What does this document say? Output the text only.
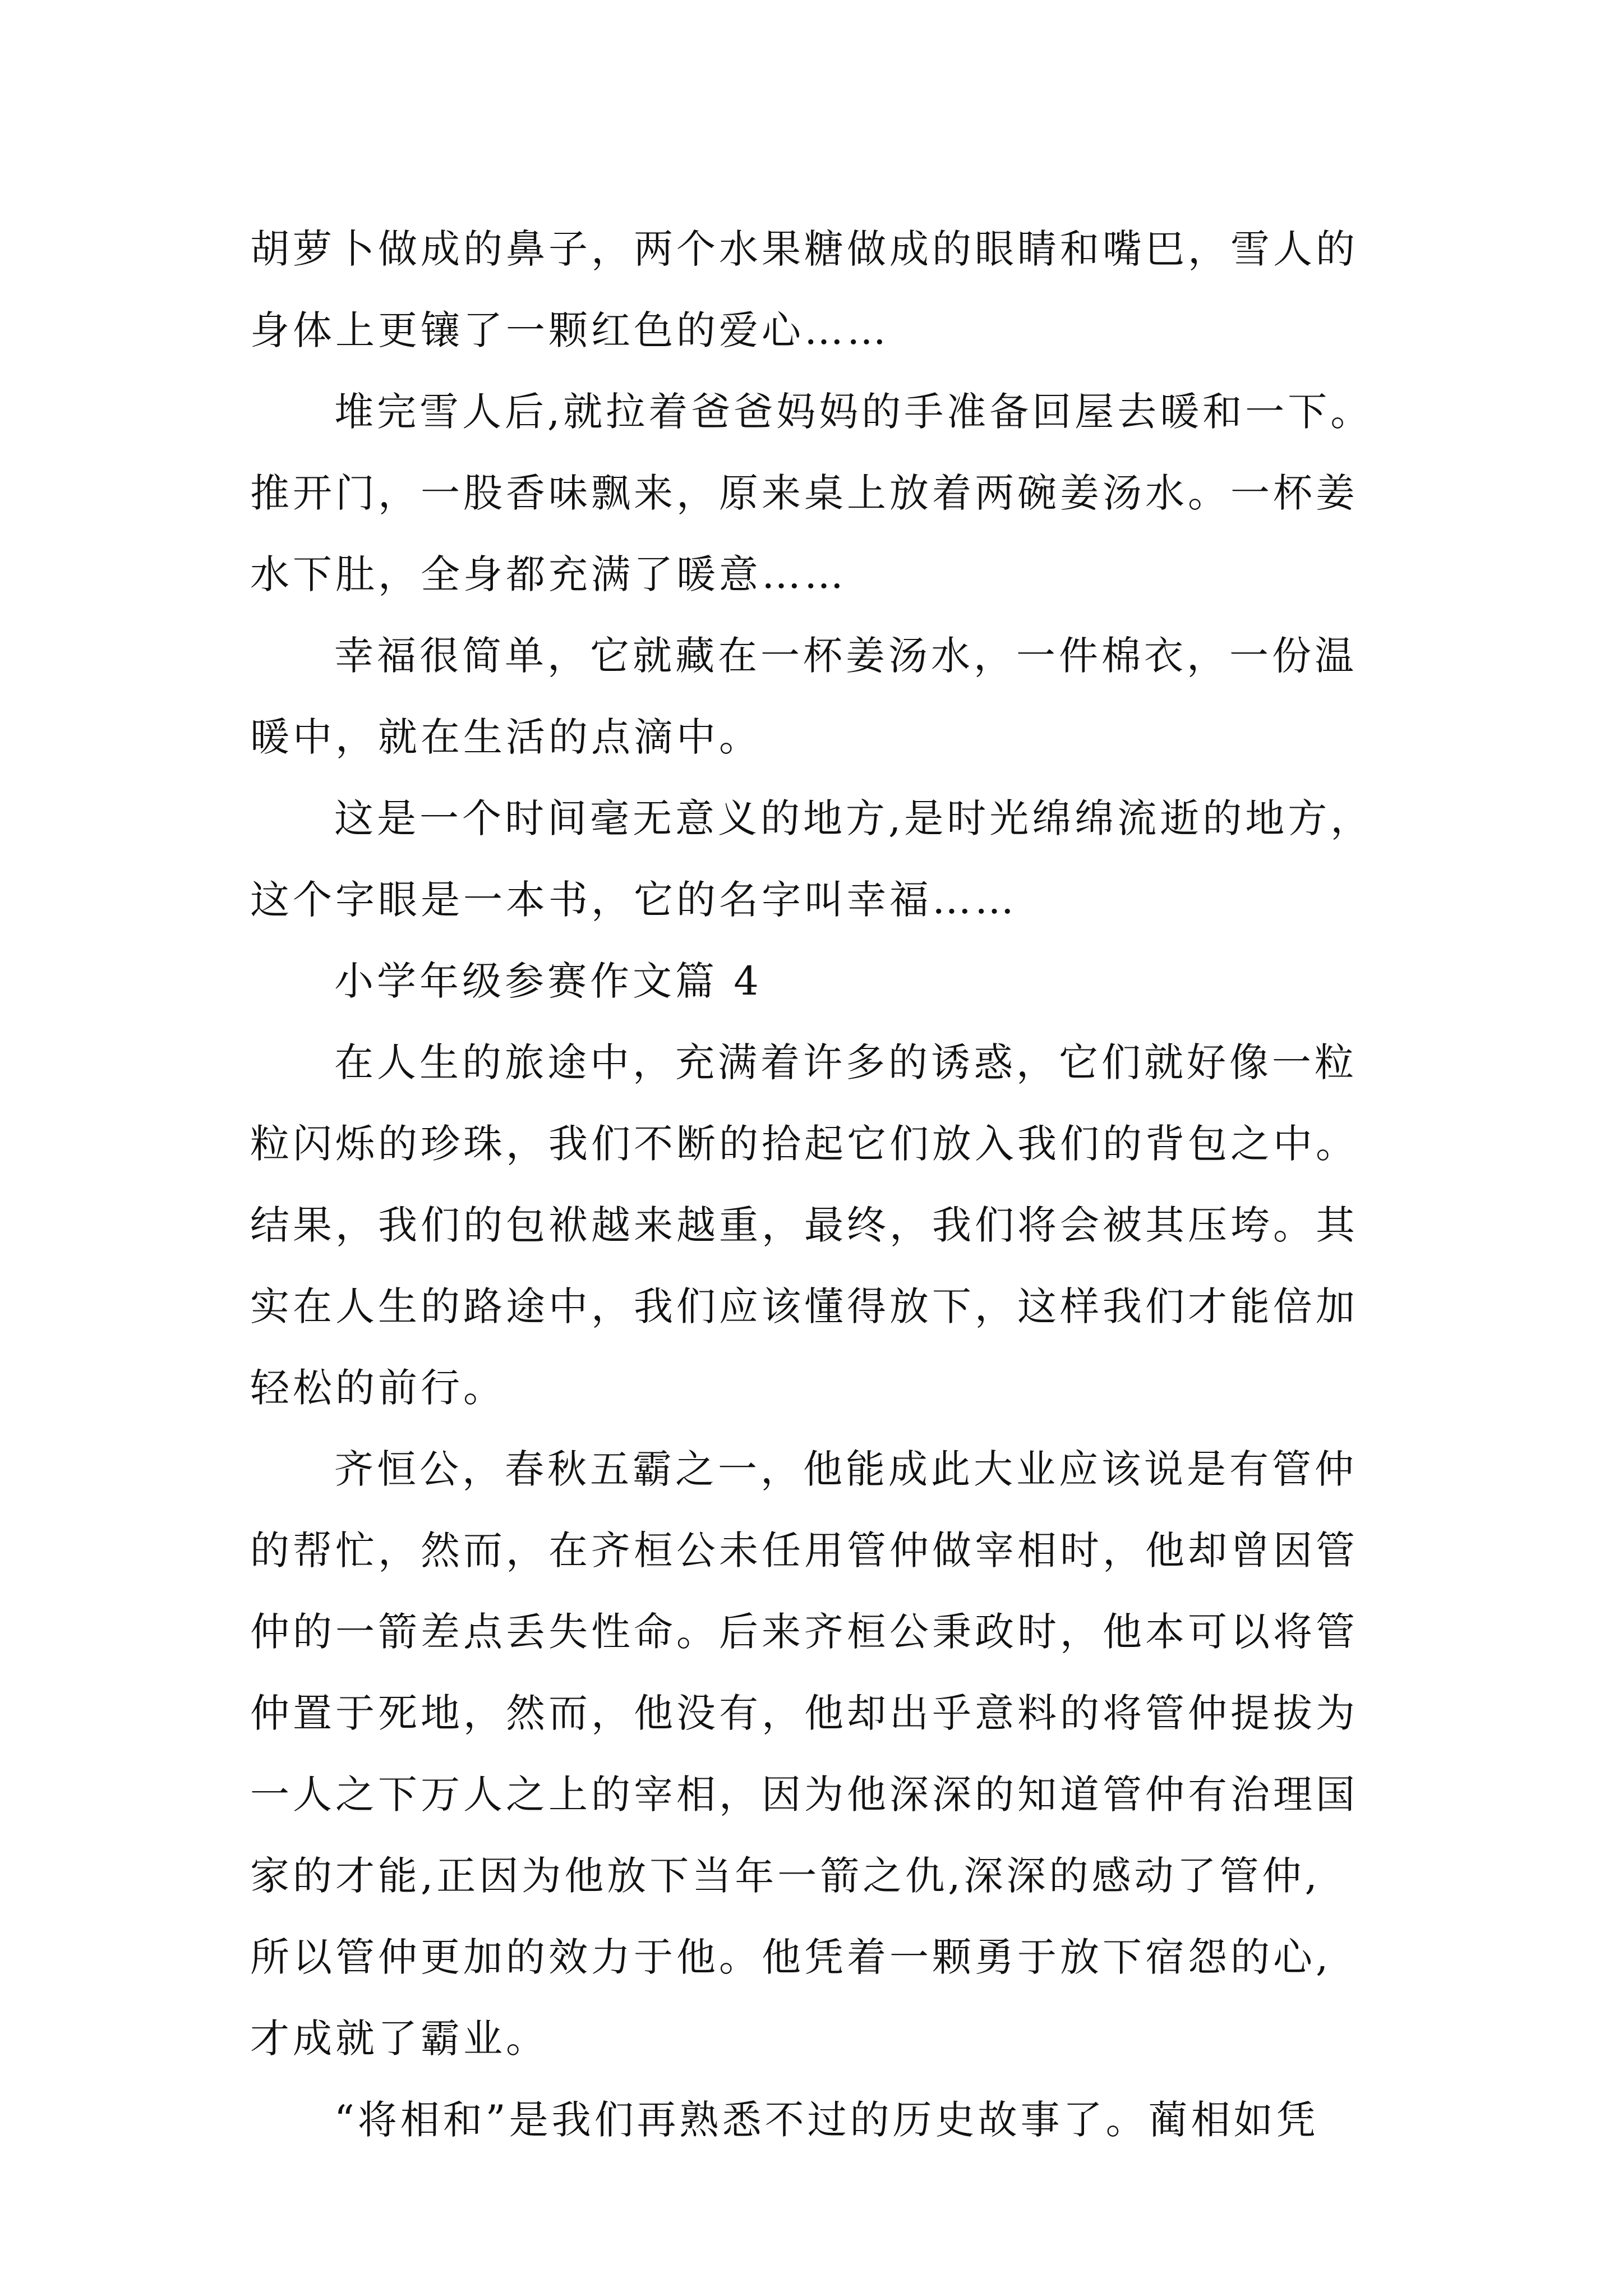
胡萝卜做成的鼻子，两个水果糖做成的眼睛和嘴巴，雪人的
身体上更镶了一颗红色的爱心……
堆完雪人后,就拉着爸爸妈妈的手准备回屋去暖和一下。
推开门，一股香味飘来，原来桌上放着两碗姜汤水。一杯姜
水下肚，全身都充满了暖意……
幸福很简单，它就藏在一杯姜汤水，一件棉衣，一份温
暖中，就在生活的点滴中。
这是一个时间毫无意义的地方,是时光绵绵流逝的地方，
这个字眼是一本书，它的名字叫幸福……
小学年级参赛作文篇 4
在人生的旅途中，充满着许多的诱惑，它们就好像一粒
粒闪烁的珍珠，我们不断的拾起它们放入我们的背包之中。
结果，我们的包袱越来越重，最终，我们将会被其压垮。其
实在人生的路途中，我们应该懂得放下，这样我们才能倍加
轻松的前行。
齐恒公，春秋五霸之一，他能成此大业应该说是有管仲
的帮忙，然而，在齐桓公未任用管仲做宰相时，他却曾因管
仲的一箭差点丢失性命。后来齐桓公秉政时，他本可以将管
仲置于死地，然而，他没有，他却出乎意料的将管仲提拔为
一人之下万人之上的宰相，因为他深深的知道管仲有治理国
家的才能,正因为他放下当年一箭之仇,深深的感动了管仲,
所以管仲更加的效力于他。他凭着一颗勇于放下宿怨的心,
才成就了霸业。
“将相和”是我们再熟悉不过的历史故事了。蔺相如凭
